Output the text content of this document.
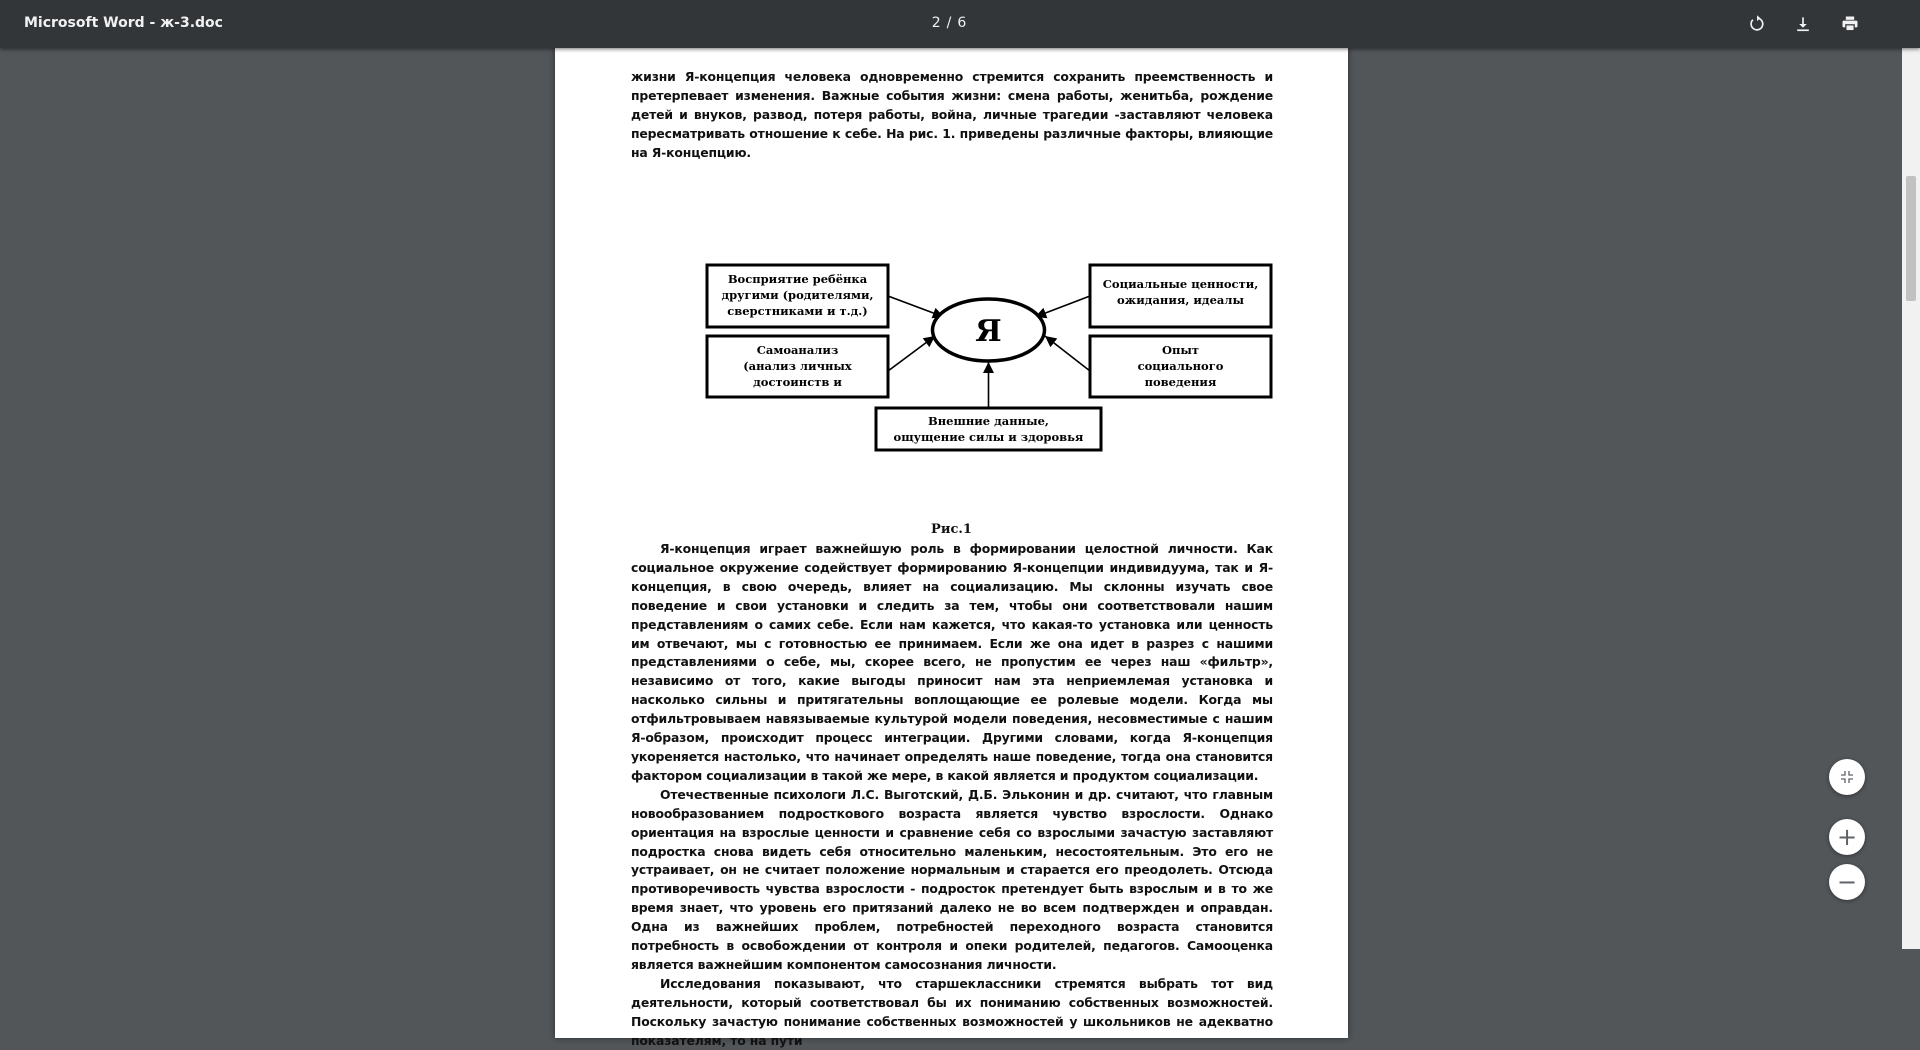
Microsoft Word - ж-3.doc	2 / 6

жизни Я-концепция человека одновременно стремится сохранить преемственность и претерпевает изменения. Важные события жизни: смена работы, женитьба, рождение детей и внуков, развод, потеря работы, война, личные трагедии -заставляют человека пересматривать отношение к себе. На рис. 1. приведены различные факторы, влияющие на Я-концепцию.

Восприятие ребёнка
другими (родителями,
сверстниками и т.д.)
Социальные ценности,
ожидания, идеалы
Самоанализ
(анализ личных
достоинств и
Опыт
социального
поведения
Внешние данные,
ощущение силы и здоровья
Я
Рис.1

Я-концепция играет важнейшую роль в формировании целостной личности. Как социальное окружение содействует формированию Я-концепции индивидуума, так и Я-концепция, в свою очередь, влияет на социализацию. Мы склонны изучать свое поведение и свои установки и следить за тем, чтобы они соответствовали нашим представлениям о самих себе. Если нам кажется, что какая-то установка или ценность им отвечают, мы с готовностью ее принимаем. Если же она идет в разрез с нашими представлениями о себе, мы, скорее всего, не пропустим ее через наш «фильтр», независимо от того, какие выгоды приносит нам эта неприемлемая установка и насколько сильны и притягательны воплощающие ее ролевые модели. Когда мы отфильтровываем навязываемые культурой модели поведения, несовместимые с нашим Я-образом, происходит процесс интеграции. Другими словами, когда Я-концепция укореняется настолько, что начинает определять наше поведение, тогда она становится фактором социализации в такой же мере, в какой является и продуктом социализации.

Отечественные психологи Л.С. Выготский, Д.Б. Эльконин и др. считают, что главным новообразованием подросткового возраста является чувство взрослости. Однако ориентация на взрослые ценности и сравнение себя со взрослыми зачастую заставляют подростка снова видеть себя относительно маленьким, несостоятельным. Это его не устраивает, он не считает положение нормальным и старается его преодолеть. Отсюда противоречивость чувства взрослости - подросток претендует быть взрослым и в то же время знает, что уровень его притязаний далеко не во всем подтвержден и оправдан. Одна из важнейших проблем, потребностей переходного возраста становится потребность в освобождении от контроля и опеки родителей, педагогов. Самооценка является важнейшим компонентом самосознания личности.

Исследования показывают, что старшеклассники стремятся выбрать тот вид деятельности, который соответствовал бы их пониманию собственных возможностей. Поскольку зачастую понимание собственных возможностей у школьников не адекватно показателям, то на пути

+
−
